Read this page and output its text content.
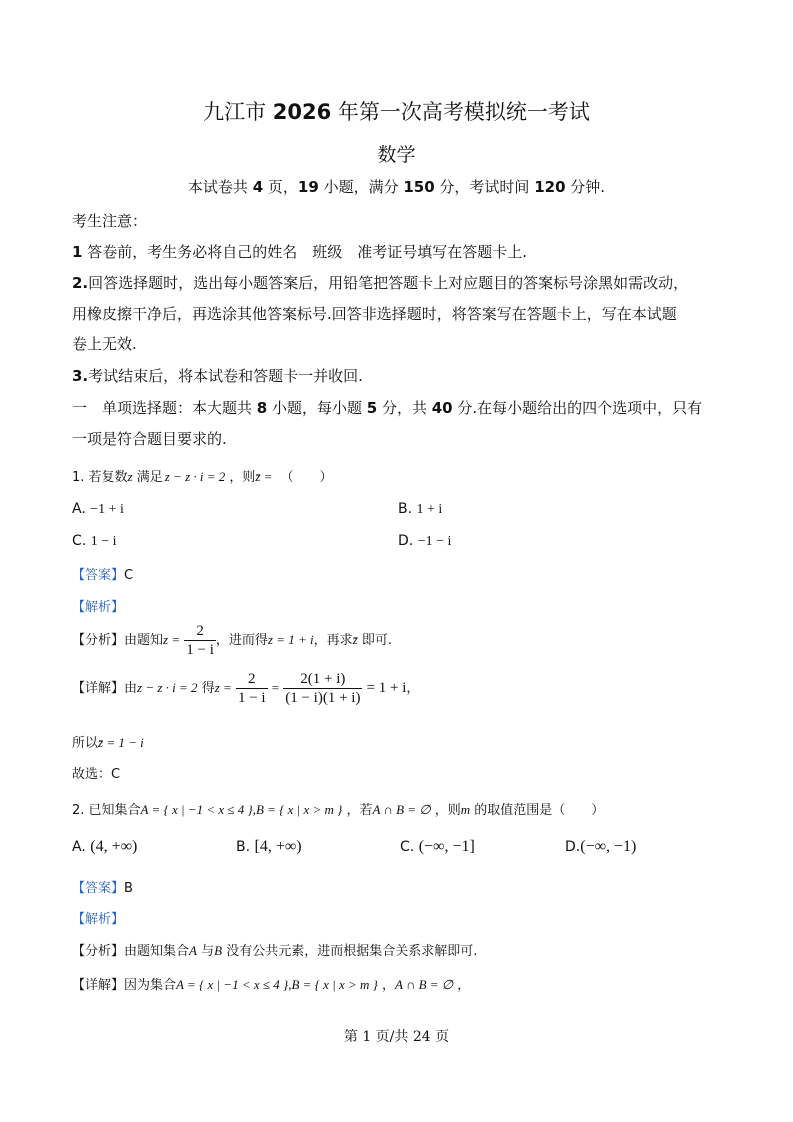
九江市 2026 年第一次高考模拟统一考试
数学
本试卷共 4 页，19 小题，满分 150 分，考试时间 120 分钟.
考生注意：
1 答卷前，考生务必将自己的姓名　班级　准考证号填写在答题卡上.
2.回答选择题时，选出每小题答案后，用铅笔把答题卡上对应题目的答案标号涂黑如需改动，
用橡皮擦干净后，再选涂其他答案标号.回答非选择题时，将答案写在答题卡上，写在本试题
卷上无效.
3.考试结束后，将本试卷和答题卡一并收回.
一　单项选择题：本大题共 8 小题，每小题 5 分，共 40 分.在每小题给出的四个选项中，只有
一项是符合题目要求的.
1. 若复数z 满足 z − z · i = 2 ，则z̄ = （　　）
A. −1 + i	B. 1 + i
C. 1 − i	D. −1 − i
【答案】C
【解析】
【分析】由题知$z = \frac{2}{1 - i}$ ，进而得z = 1 + i，再求z̄ 即可.
【详解】由z − z · i = 2 得$z = \frac{2}{1 - i} = \frac{2(1 + i)}{(1 - i)(1 + i)} = 1 + i$，
所以z̄ = 1 − i
故选：C
2. 已知集合A = { x | −1 < x ≤ 4 },B = { x | x > m } ，若A ∩ B = ∅ ，则m 的取值范围是（　　）
A. (4, +∞)	B. [4, +∞)	C. (−∞, −1]	D.(−∞, −1)
【答案】B
【解析】
【分析】由题知集合A 与B 没有公共元素，进而根据集合关系求解即可.
【详解】因为集合A = { x | −1 < x ≤ 4 },B = { x | x > m } ，A ∩ B = ∅ ，
第 1 页/共 24 页
